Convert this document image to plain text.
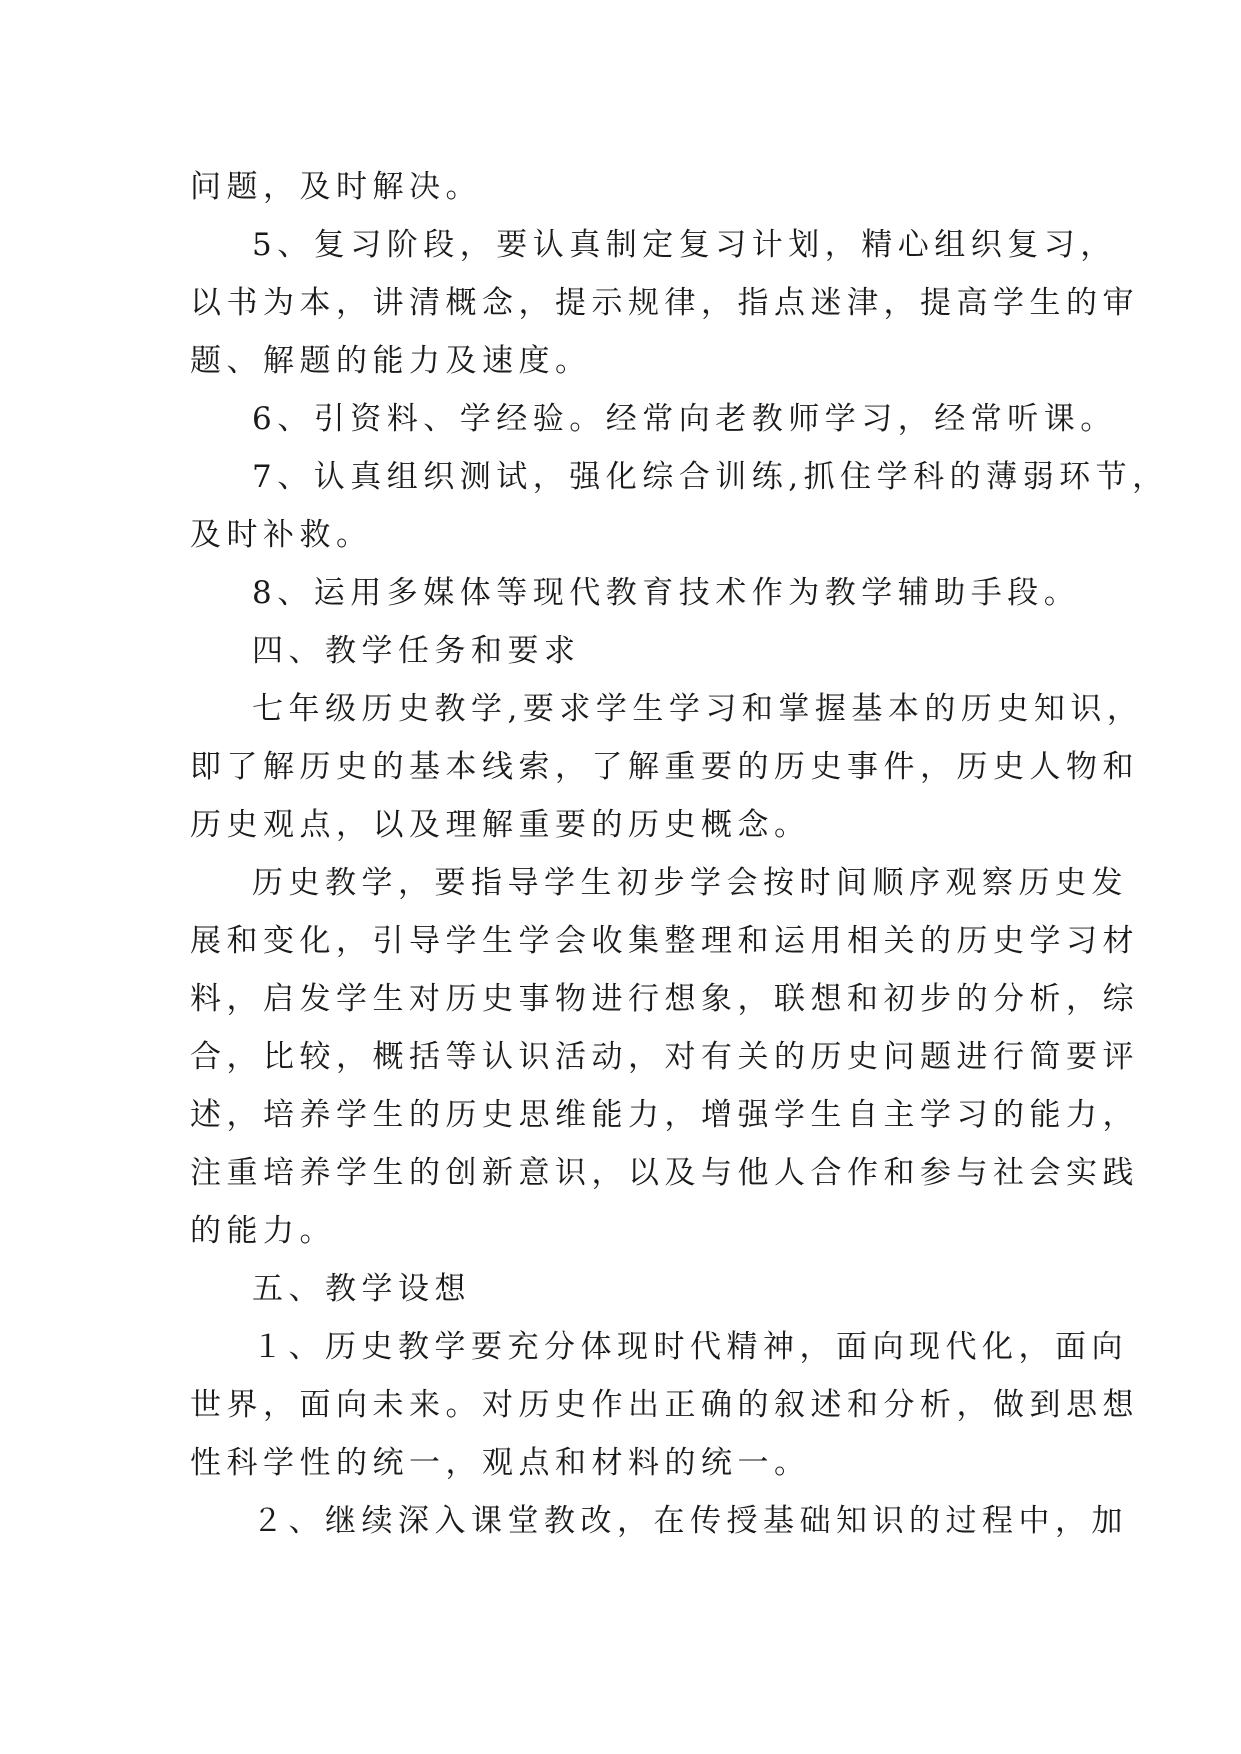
问题，及时解决。
5、复习阶段，要认真制定复习计划，精心组织复习，
以书为本，讲清概念，提示规律，指点迷津，提高学生的审
题、解题的能力及速度。
6、引资料、学经验。经常向老教师学习，经常听课。
7、认真组织测试，强化综合训练,抓住学科的薄弱环节，
及时补救。
8、运用多媒体等现代教育技术作为教学辅助手段。
四、教学任务和要求
七年级历史教学,要求学生学习和掌握基本的历史知识，
即了解历史的基本线索，了解重要的历史事件，历史人物和
历史观点，以及理解重要的历史概念。
历史教学，要指导学生初步学会按时间顺序观察历史发
展和变化，引导学生学会收集整理和运用相关的历史学习材
料，启发学生对历史事物进行想象，联想和初步的分析，综
合，比较，概括等认识活动，对有关的历史问题进行简要评
述，培养学生的历史思维能力，增强学生自主学习的能力，
注重培养学生的创新意识，以及与他人合作和参与社会实践
的能力。
五、教学设想
１、历史教学要充分体现时代精神，面向现代化，面向
世界，面向未来。对历史作出正确的叙述和分析，做到思想
性科学性的统一，观点和材料的统一。
２、继续深入课堂教改，在传授基础知识的过程中，加
